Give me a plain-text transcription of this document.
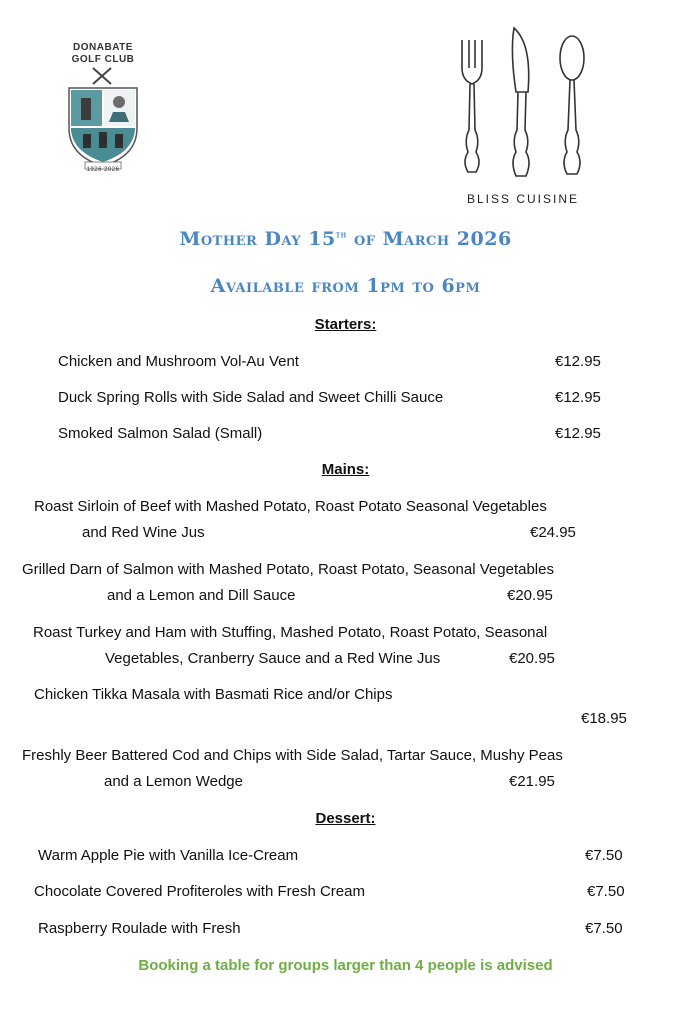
DONABATE
GOLF CLUB
1926 2026
BLISS CUISINE
Mother Day 15th of March 2026
Available from 1pm to 6pm
Starters:
Chicken and Mushroom Vol-Au Vent	€12.95
Duck Spring Rolls with Side Salad and Sweet Chilli Sauce	€12.95
Smoked Salmon Salad (Small)	€12.95
Mains:
Roast Sirloin of Beef with Mashed Potato, Roast Potato Seasonal Vegetables
and Red Wine Jus	€24.95
Grilled Darn of Salmon with Mashed Potato, Roast Potato, Seasonal Vegetables
and a Lemon and Dill Sauce	€20.95
Roast Turkey and Ham with Stuffing, Mashed Potato, Roast Potato, Seasonal
Vegetables, Cranberry Sauce and a Red Wine Jus	€20.95
Chicken Tikka Masala with Basmati Rice and/or Chips
€18.95
Freshly Beer Battered Cod and Chips with Side Salad, Tartar Sauce, Mushy Peas
and a Lemon Wedge	€21.95
Dessert:
Warm Apple Pie with Vanilla Ice-Cream	€7.50
Chocolate Covered Profiteroles with Fresh Cream	€7.50
Raspberry Roulade with Fresh	€7.50
Booking a table for groups larger than 4 people is advised
